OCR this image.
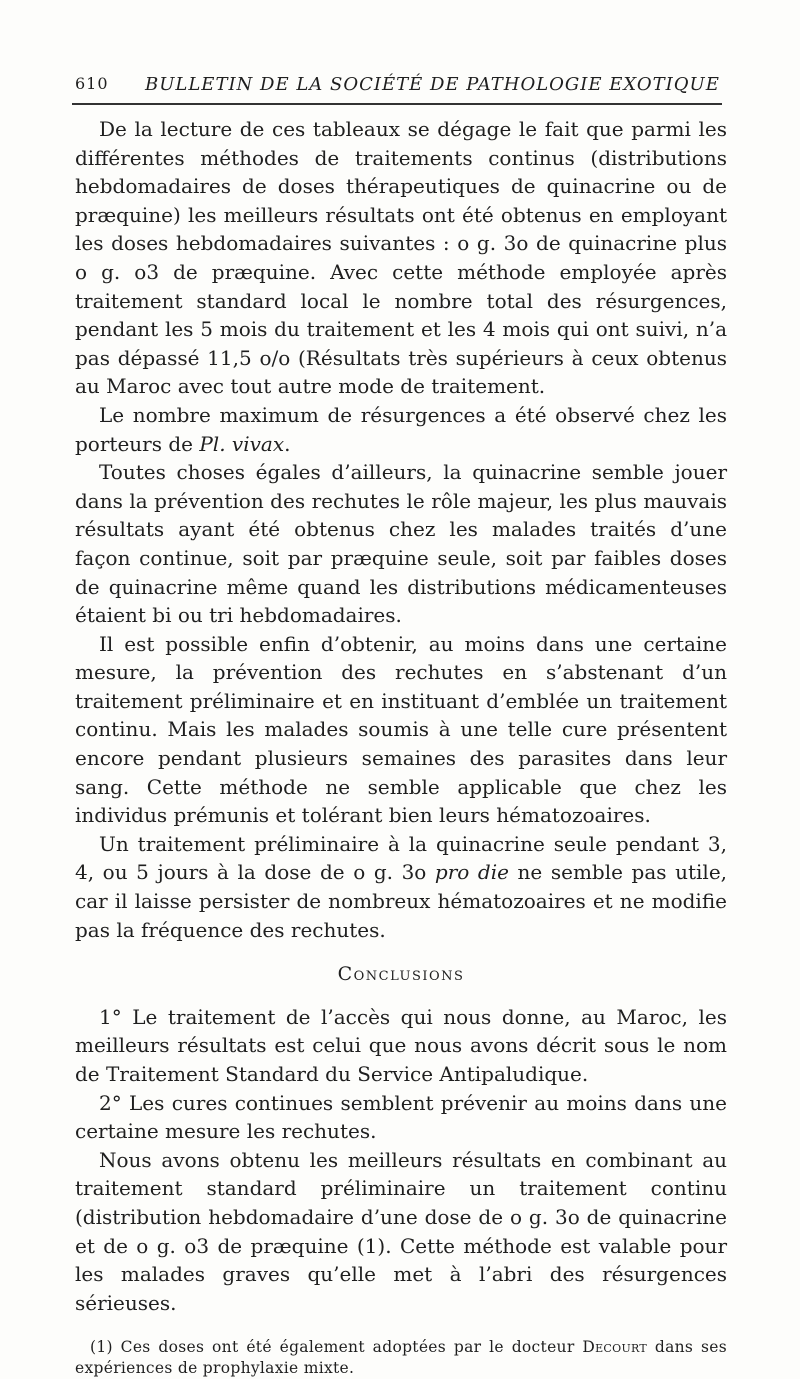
610 BULLETIN DE LA SOCIÉTÉ DE PATHOLOGIE EXOTIQUE

De la lecture de ces tableaux se dégage le fait que parmi les différentes méthodes de traitements continus (distributions hebdomadaires de doses thérapeutiques de quinacrine ou de præquine) les meilleurs résultats ont été obtenus en employant les doses hebdomadaires suivantes : o g. 3o de quinacrine plus o g. o3 de præquine. Avec cette méthode employée après traitement standard local le nombre total des résurgences, pendant les 5 mois du traitement et les 4 mois qui ont suivi, n’a pas dépassé 11,5 o/o (Résultats très supérieurs à ceux obtenus au Maroc avec tout autre mode de traitement.

Le nombre maximum de résurgences a été observé chez les porteurs de Pl. vivax.

Toutes choses égales d’ailleurs, la quinacrine semble jouer dans la prévention des rechutes le rôle majeur, les plus mauvais résultats ayant été obtenus chez les malades traités d’une façon continue, soit par præquine seule, soit par faibles doses de quinacrine même quand les distributions médicamenteuses étaient bi ou tri hebdomadaires.

Il est possible enfin d’obtenir, au moins dans une certaine mesure, la prévention des rechutes en s’abstenant d’un traitement préliminaire et en instituant d’emblée un traitement continu. Mais les malades soumis à une telle cure présentent encore pendant plusieurs semaines des parasites dans leur sang. Cette méthode ne semble applicable que chez les individus prémunis et tolérant bien leurs hématozoaires.

Un traitement préliminaire à la quinacrine seule pendant 3, 4, ou 5 jours à la dose de o g. 3o pro die ne semble pas utile, car il laisse persister de nombreux hématozoaires et ne modifie pas la fréquence des rechutes.

Conclusions

1° Le traitement de l’accès qui nous donne, au Maroc, les meilleurs résultats est celui que nous avons décrit sous le nom de Traitement Standard du Service Antipaludique.

2° Les cures continues semblent prévenir au moins dans une certaine mesure les rechutes.

Nous avons obtenu les meilleurs résultats en combinant au traitement standard préliminaire un traitement continu (distribution hebdomadaire d’une dose de o g. 3o de quinacrine et de o g. o3 de præquine (1). Cette méthode est valable pour les malades graves qu’elle met à l’abri des résurgences sérieuses.

(1) Ces doses ont été également adoptées par le docteur Decourt dans ses expériences de prophylaxie mixte.
